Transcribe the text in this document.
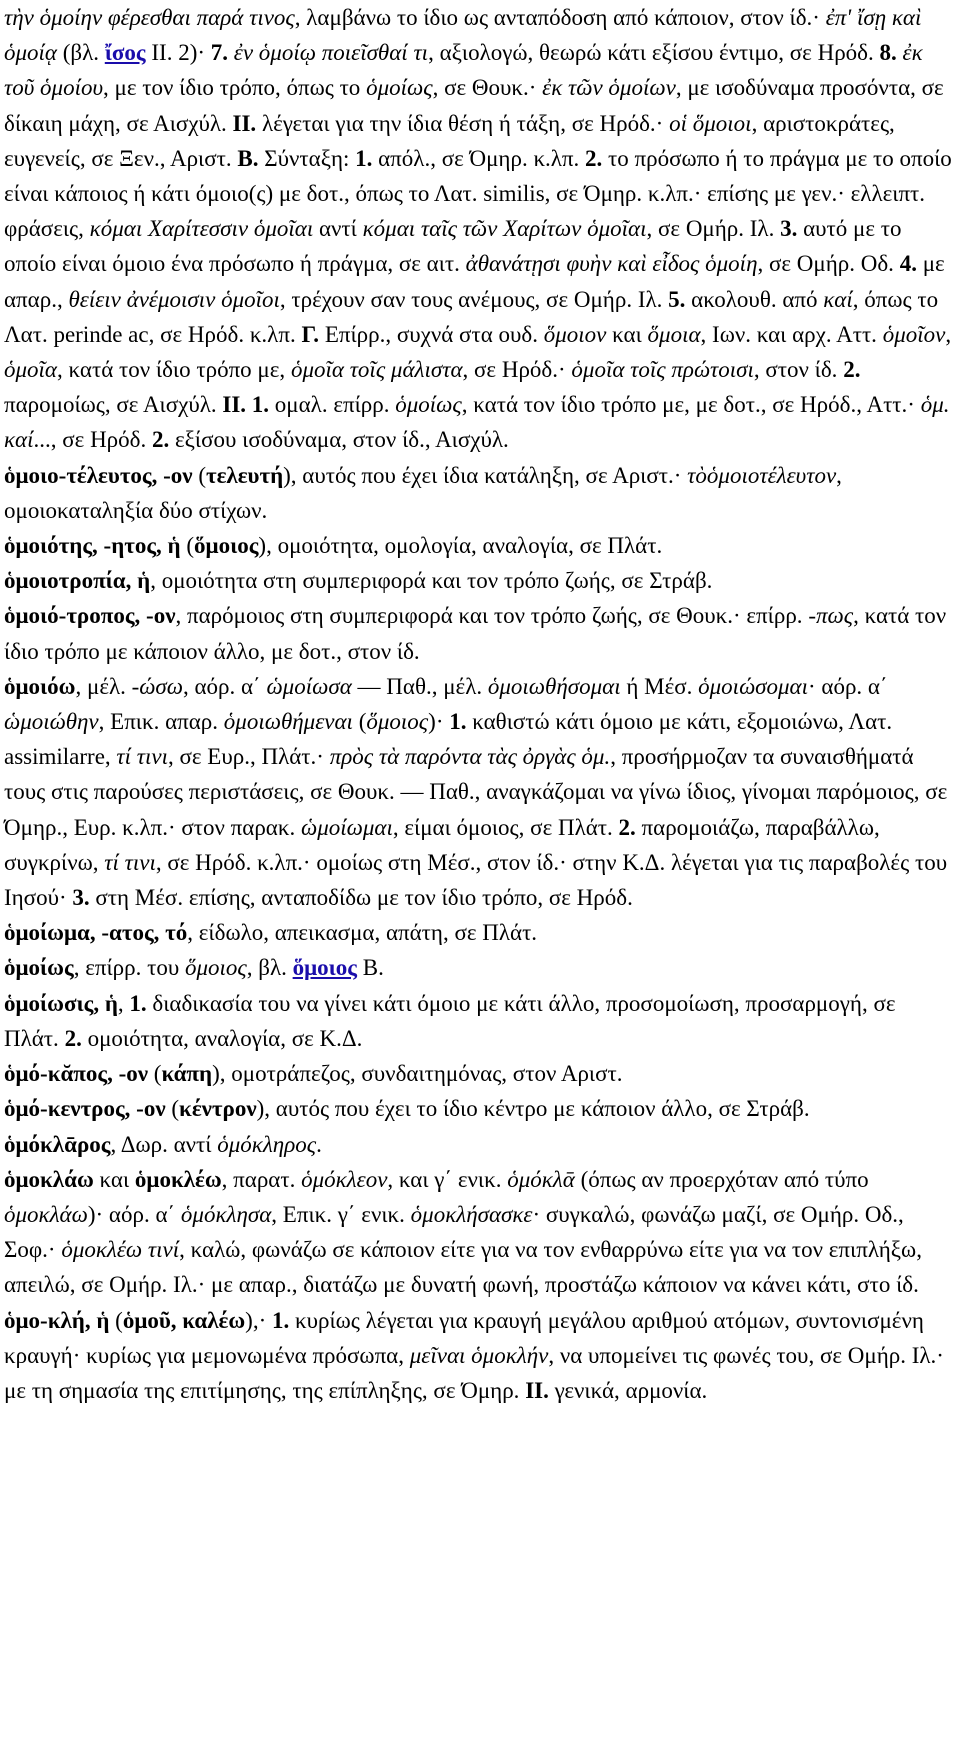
τὴν ὁμοίην φέρεσθαι παρά τινος, λαμβάνω το ίδιο ως ανταπόδοση από κάποιον, στον ίδ.· ἐπ' ἴσῃ καὶ ὁμοίᾳ (βλ. ἴσος II. 2)· 7. ἐν ὁμοίῳ ποιεῖσθαί τι, αξιολογώ, θεωρώ κάτι εξίσου έντιμο, σε Ηρόδ. 8. ἐκ τοῦ ὁμοίου, με τον ίδιο τρόπο, όπως το ὁμοίως, σε Θουκ.· ἐκ τῶν ὁμοίων, με ισοδύναμα προσόντα, σε δίκαιη μάχη, σε Αισχύλ. II. λέγεται για την ίδια θέση ή τάξη, σε Ηρόδ.· οἱ ὅμοιοι, αριστοκράτες, ευγενείς, σε Ξεν., Αριστ. B. Σύνταξη: 1. απόλ., σε Όμηρ. κ.λπ. 2. το πρόσωπο ή το πράγμα με το οποίο είναι κάποιος ή κάτι όμοιο(ς) με δοτ., όπως το Λατ. similis, σε Όμηρ. κ.λπ.· επίσης με γεν.· ελλειπτ. φράσεις, κόμαι Χαρίτεσσιν ὁμοῖαι αντί κόμαι ταῖς τῶν Χαρίτων ὁμοῖαι, σε Ομήρ. Ιλ. 3. αυτό με το οποίο είναι όμοιο ένα πρόσωπο ή πράγμα, σε αιτ. ἀθανάτῃσι φυὴν καὶ εἶδος ὁμοίη, σε Ομήρ. Οδ. 4. με απαρ., θείειν ἀνέμοισιν ὁμοῖοι, τρέχουν σαν τους ανέμους, σε Ομήρ. Ιλ. 5. ακολουθ. από καί, όπως το Λατ. perinde ac, σε Ηρόδ. κ.λπ. Γ. Επίρρ., συχνά στα ουδ. ὅμοιον και ὅμοια, Ιων. και αρχ. Αττ. ὁμοῖον, ὁμοῖα, κατά τον ίδιο τρόπο με, ὁμοῖα τοῖς μάλιστα, σε Ηρόδ.· ὁμοῖα τοῖς πρώτοισι, στον ίδ. 2. παρομοίως, σε Αισχύλ. II. 1. ομαλ. επίρρ. ὁμοίως, κατά τον ίδιο τρόπο με, με δοτ., σε Ηρόδ., Αττ.· ὁμ. καί..., σε Ηρόδ. 2. εξίσου ισοδύναμα, στον ίδ., Αισχύλ.

ὁμοιο-τέλευτος, -ον (τελευτή), αυτός που έχει ίδια κατάληξη, σε Αριστ.· τὸὁμοιοτέλευτον, ομοιοκαταληξία δύο στίχων.

ὁμοιότης, -ητος, ἡ (ὅμοιος), ομοιότητα, ομολογία, αναλογία, σε Πλάτ.

ὁμοιοτροπία, ἡ, ομοιότητα στη συμπεριφορά και τον τρόπο ζωής, σε Στράβ.

ὁμοιό-τροπος, -ον, παρόμοιος στη συμπεριφορά και τον τρόπο ζωής, σε Θουκ.· επίρρ. -πως, κατά τον ίδιο τρόπο με κάποιον άλλο, με δοτ., στον ίδ.

ὁμοιόω, μέλ. -ώσω, αόρ. α΄ ὡμοίωσα — Παθ., μέλ. ὁμοιωθήσομαι ή Μέσ. ὁμοιώσομαι· αόρ. α΄ ὡμοιώθην, Επικ. απαρ. ὁμοιωθήμεναι (ὅμοιος)· 1. καθιστώ κάτι όμοιο με κάτι, εξομοιώνω, Λατ. assimilarre, τί τινι, σε Ευρ., Πλάτ.· πρὸς τὰ παρόντα τὰς ὀργὰς ὁμ., προσήρμοζαν τα συναισθήματά τους στις παρούσες περιστάσεις, σε Θουκ. — Παθ., αναγκάζομαι να γίνω ίδιος, γίνομαι παρόμοιος, σε Όμηρ., Ευρ. κ.λπ.· στον παρακ. ὡμοίωμαι, είμαι όμοιος, σε Πλάτ. 2. παρομοιάζω, παραβάλλω, συγκρίνω, τί τινι, σε Ηρόδ. κ.λπ.· ομοίως στη Μέσ., στον ίδ.· στην Κ.Δ. λέγεται για τις παραβολές του Ιησού· 3. στη Μέσ. επίσης, ανταποδίδω με τον ίδιο τρόπο, σε Ηρόδ.

ὁμοίωμα, -ατος, τό, είδωλο, απεικασμα, απάτη, σε Πλάτ.

ὁμοίως, επίρρ. του ὅμοιος, βλ. ὅμοιος B.

ὁμοίωσις, ἡ, 1. διαδικασία του να γίνει κάτι όμοιο με κάτι άλλο, προσομοίωση, προσαρμογή, σε Πλάτ. 2. ομοιότητα, αναλογία, σε Κ.Δ.

ὁμό-κᾰπος, -ον (κάπη), ομοτράπεζος, συνδαιτημόνας, στον Αριστ.

ὁμό-κεντρος, -ον (κέντρον), αυτός που έχει το ίδιο κέντρο με κάποιον άλλο, σε Στράβ.

ὁμόκλᾱρος, Δωρ. αντί ὁμόκληρος.

ὁμοκλάω και ὁμοκλέω, παρατ. ὁμόκλεον, και γ΄ ενικ. ὁμόκλᾱ (όπως αν προερχόταν από τύπο ὁμοκλάω)· αόρ. α΄ ὁμόκλησα, Επικ. γ΄ ενικ. ὁμοκλήσασκε· συγκαλώ, φωνάζω μαζί, σε Ομήρ. Οδ., Σοφ.· ὁμοκλέω τινί, καλώ, φωνάζω σε κάποιον είτε για να τον ενθαρρύνω είτε για να τον επιπλήξω, απειλώ, σε Ομήρ. Ιλ.· με απαρ., διατάζω με δυνατή φωνή, προστάζω κάποιον να κάνει κάτι, στο ίδ.

ὁμο-κλή, ἡ (ὁμοῦ, καλέω),· 1. κυρίως λέγεται για κραυγή μεγάλου αριθμού ατόμων, συντονισμένη κραυγή· κυρίως για μεμονωμένα πρόσωπα, μεῖναι ὁμοκλήν, να υπομείνει τις φωνές του, σε Ομήρ. Ιλ.· με τη σημασία της επιτίμησης, της επίπληξης, σε Όμηρ. II. γενικά, αρμονία.
